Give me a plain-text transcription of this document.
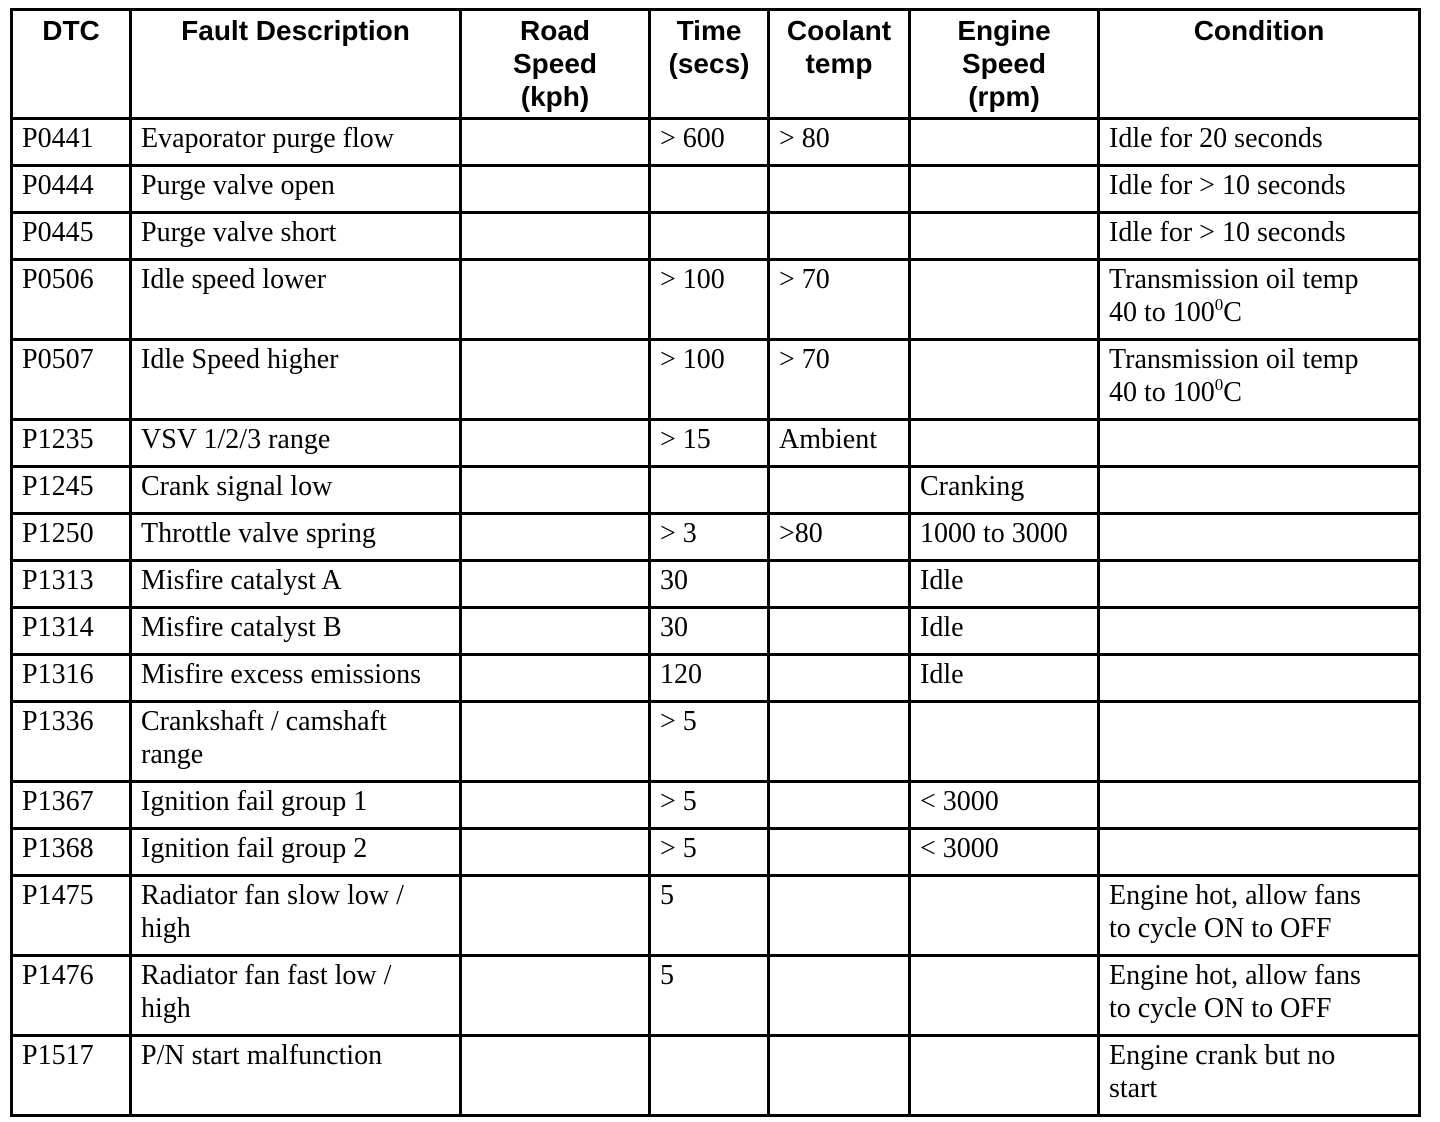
DTC	Fault Description	Road
Speed
(kph)	Time
(secs)	Coolant
temp	Engine
Speed
(rpm)	Condition

P0441	Evaporator purge flow		> 600	> 80		Idle for 20 seconds

P0444	Purge valve open					Idle for > 10 seconds

P0445	Purge valve short					Idle for > 10 seconds

P0506	Idle speed lower		> 100	> 70		Transmission oil temp
40 to $100^0C$

P0507	Idle Speed higher		> 100	> 70		Transmission oil temp
40 to $100^0C$

P1235	VSV 1/2/3 range		> 15	Ambient		

P1245	Crank signal low				Cranking	

P1250	Throttle valve spring		> 3	>80	1000 to 3000	

P1313	Misfire catalyst A		30		Idle	

P1314	Misfire catalyst B		30		Idle	

P1316	Misfire excess emissions		120		Idle	

P1336	Crankshaft / camshaft
range		> 5			

P1367	Ignition fail group 1		> 5		< 3000	

P1368	Ignition fail group 2		> 5		< 3000	

P1475	Radiator fan slow low /
high		5			Engine hot, allow fans
to cycle ON to OFF

P1476	Radiator fan fast low /
high		5			Engine hot, allow fans
to cycle ON to OFF

P1517	P/N start malfunction					Engine crank but no
start
